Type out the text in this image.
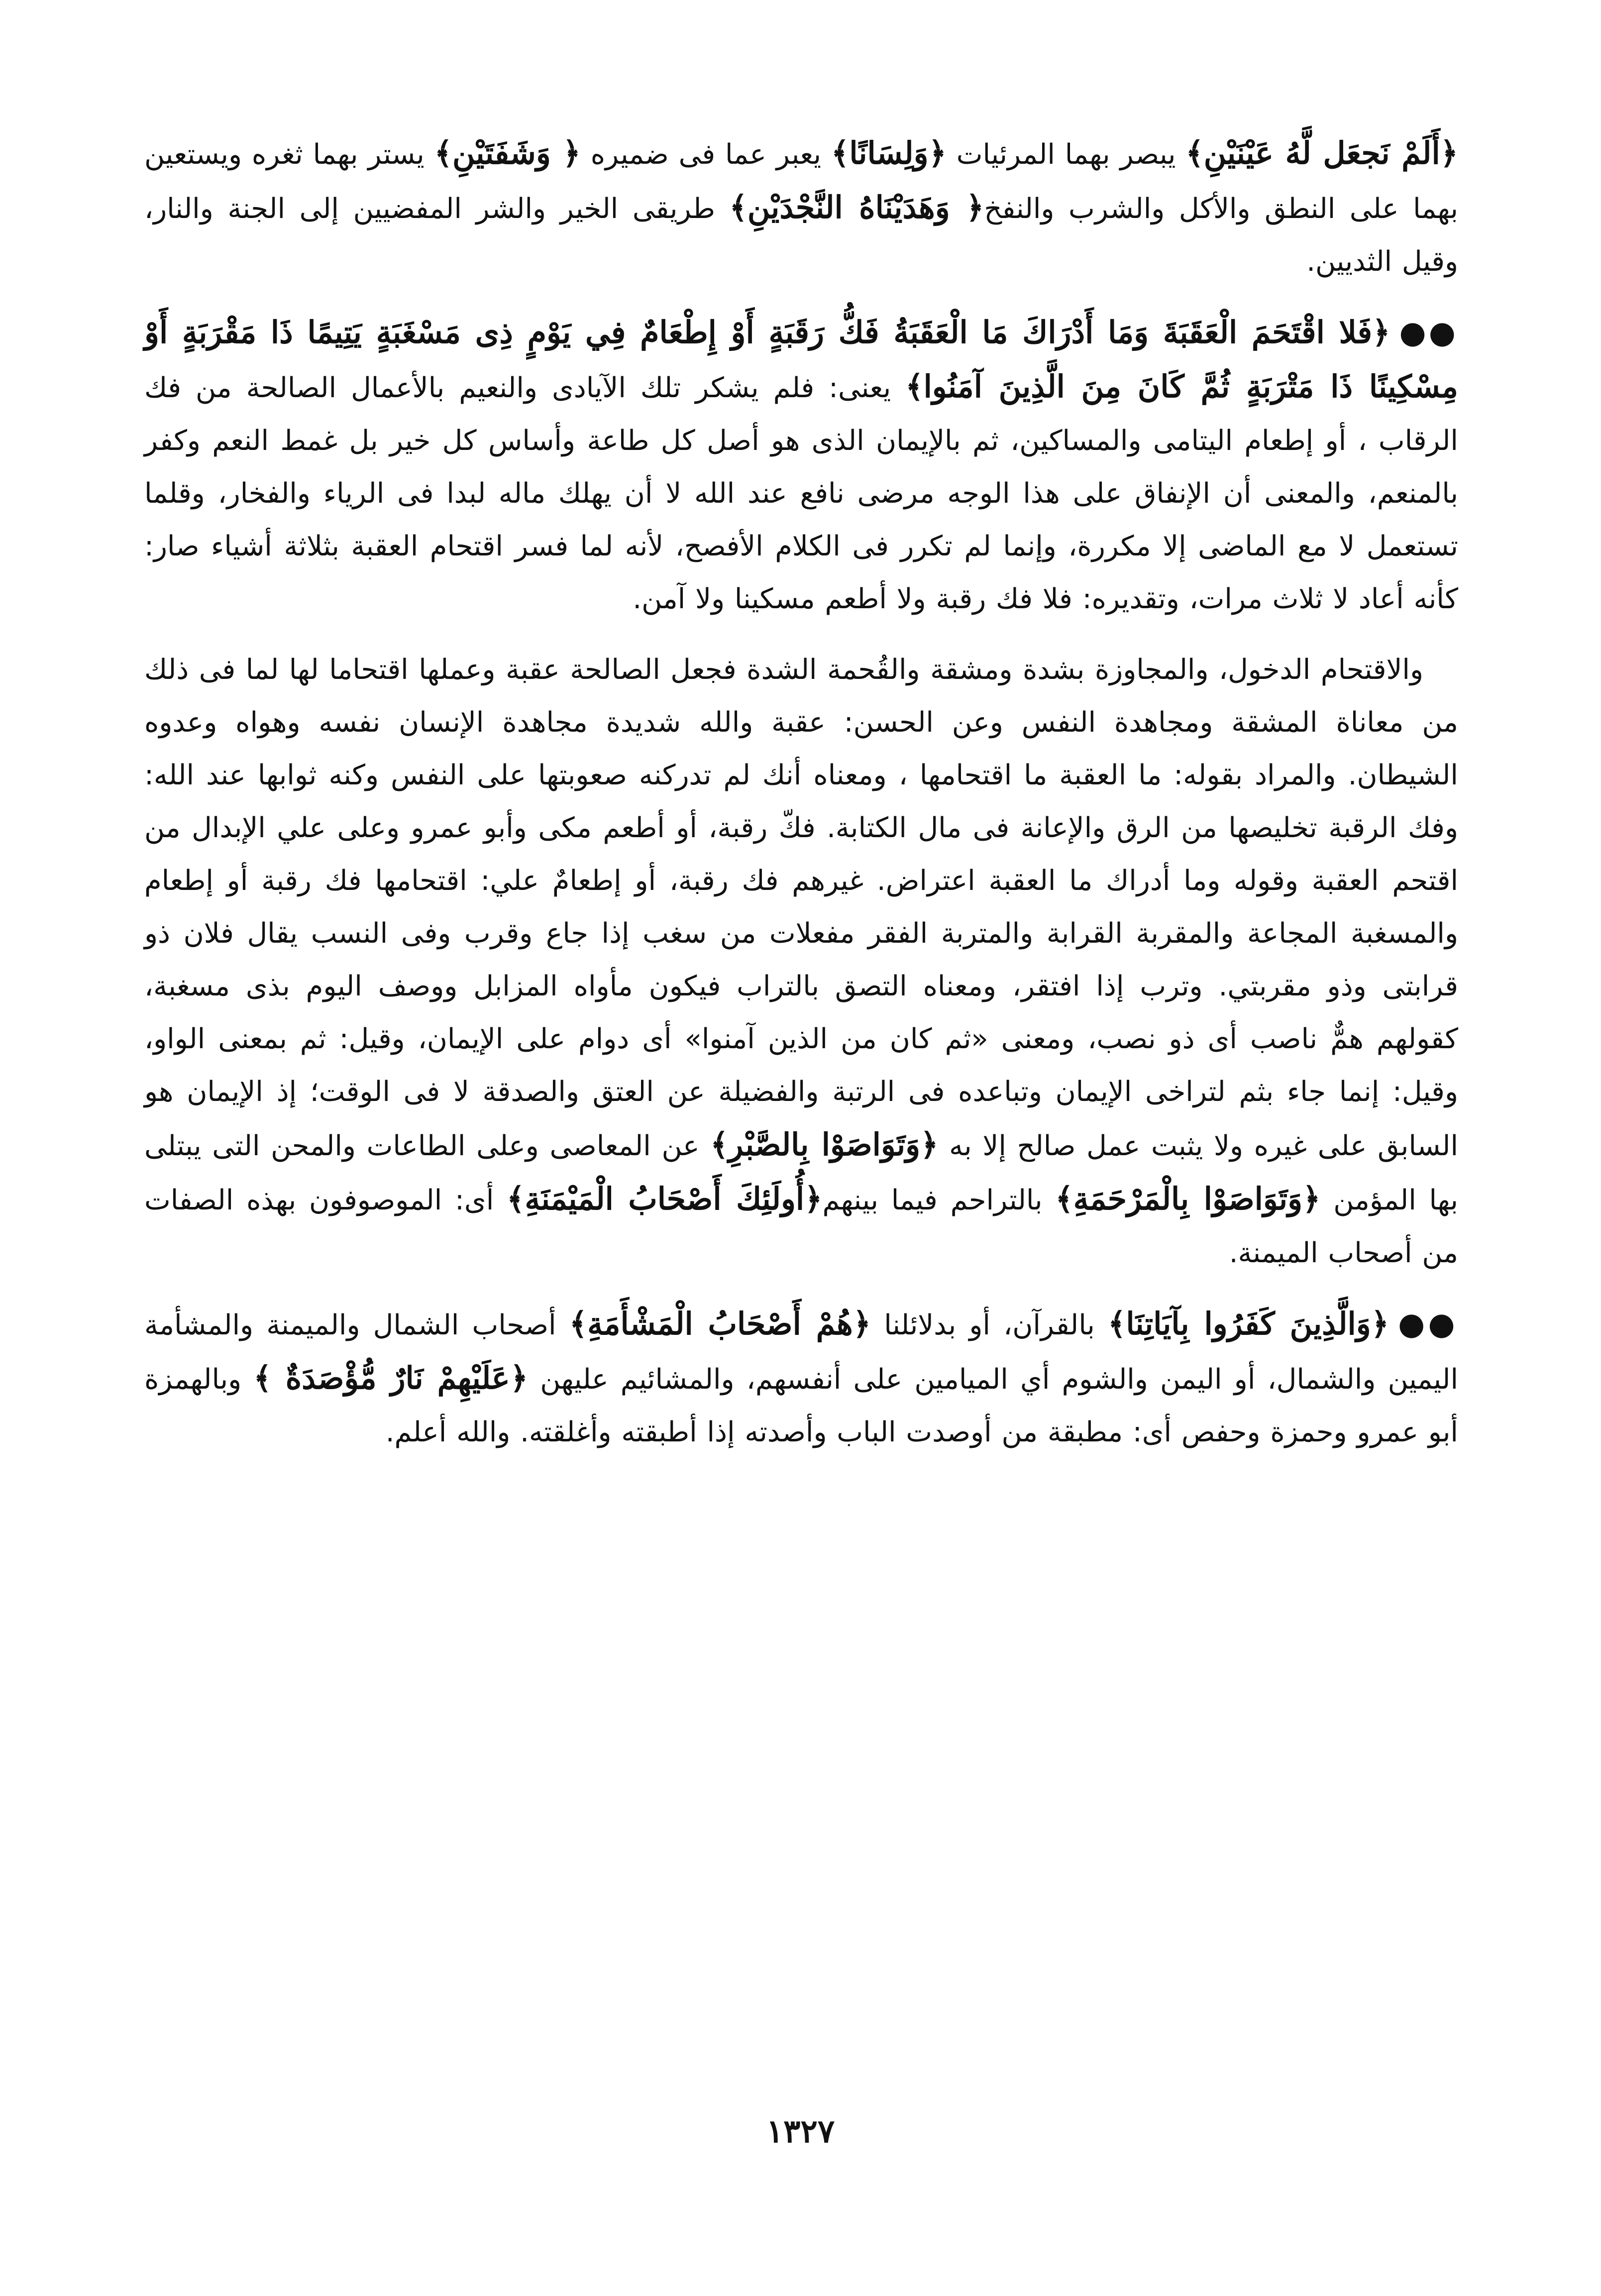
﴿أَلَمْ نَجعَل لَّهُ عَيْنَيْنِ﴾ يبصر بهما المرئيات ﴿وَلِسَانًا﴾ يعبر عما فى ضميره ﴿ وَشَفَتَيْنِ﴾ يستر بهما ثغره ويستعين بهما على النطق والأكل والشرب والنفخ﴿ وَهَدَيْنَاهُ النَّجْدَيْنِ﴾ طريقى الخير والشر المفضيين إلى الجنة والنار، وقيل الثديين.

●●﴿فَلا اقْتَحَمَ الْعَقَبَةَ وَمَا أَدْرَاكَ مَا الْعَقَبَةُ فَكُّ رَقَبَةٍ أَوْ إِطْعَامٌ فِي يَوْمٍ ذِى مَسْغَبَةٍ يَتِيمًا ذَا مَقْرَبَةٍ أَوْ مِسْكِينًا ذَا مَتْرَبَةٍ ثُمَّ كَانَ مِنَ الَّذِينَ آمَنُوا﴾ يعنى: فلم يشكر تلك الآيادى والنعيم بالأعمال الصالحة من فك الرقاب ، أو إطعام اليتامى والمساكين، ثم بالإيمان الذى هو أصل كل طاعة وأساس كل خير بل غمط النعم وكفر بالمنعم، والمعنى أن الإنفاق على هذا الوجه مرضى نافع عند الله لا أن يهلك ماله لبدا فى الرياء والفخار، وقلما تستعمل لا مع الماضى إلا مكررة، وإنما لم تكرر فى الكلام الأفصح، لأنه لما فسر اقتحام العقبة بثلاثة أشياء صار: كأنه أعاد لا ثلاث مرات، وتقديره: فلا فك رقبة ولا أطعم مسكينا ولا آمن.

والاقتحام الدخول، والمجاوزة بشدة ومشقة والقُحمة الشدة فجعل الصالحة عقبة وعملها اقتحاما لها لما فى ذلك من معاناة المشقة ومجاهدة النفس وعن الحسن: عقبة والله شديدة مجاهدة الإنسان نفسه وهواه وعدوه الشيطان. والمراد بقوله: ما العقبة ما اقتحامها ، ومعناه أنك لم تدركنه صعوبتها على النفس وكنه ثوابها عند الله: وفك الرقبة تخليصها من الرق والإعانة فى مال الكتابة. فكّ رقبة، أو أطعم مكى وأبو عمرو وعلى علي الإبدال من اقتحم العقبة وقوله وما أدراك ما العقبة اعتراض. غيرهم فك رقبة، أو إطعامٌ علي: اقتحامها فك رقبة أو إطعام والمسغبة المجاعة والمقربة القرابة والمتربة الفقر مفعلات من سغب إذا جاع وقرب وفى النسب يقال فلان ذو قرابتى وذو مقربتي. وترب إذا افتقر، ومعناه التصق بالتراب فيكون مأواه المزابل ووصف اليوم بذى مسغبة، كقولهم همٌّ ناصب أى ذو نصب، ومعنى «ثم كان من الذين آمنوا» أى دوام على الإيمان، وقيل: ثم بمعنى الواو، وقيل: إنما جاء بثم لتراخى الإيمان وتباعده فى الرتبة والفضيلة عن العتق والصدقة لا فى الوقت؛ إذ الإيمان هو السابق على غيره ولا يثبت عمل صالح إلا به ﴿وَتَوَاصَوْا بِالصَّبْرِ﴾ عن المعاصى وعلى الطاعات والمحن التى يبتلى بها المؤمن ﴿وَتَوَاصَوْا بِالْمَرْحَمَةِ﴾ بالتراحم فيما بينهم﴿أُولَئِكَ أَصْحَابُ الْمَيْمَنَةِ﴾ أى: الموصوفون بهذه الصفات من أصحاب الميمنة.

●●﴿وَالَّذِينَ كَفَرُوا بِآيَاتِنَا﴾ بالقرآن، أو بدلائلنا ﴿هُمْ أَصْحَابُ الْمَشْأَمَةِ﴾ أصحاب الشمال والميمنة والمشأمة اليمين والشمال، أو اليمن والشوم أي الميامين على أنفسهم، والمشائيم عليهن ﴿عَلَيْهِمْ نَارٌ مُّؤْصَدَةٌ ﴾ وبالهمزة أبو عمرو وحمزة وحفص أى: مطبقة من أوصدت الباب وأصدته إذا أطبقته وأغلقته. والله أعلم.

١٣٢٧
